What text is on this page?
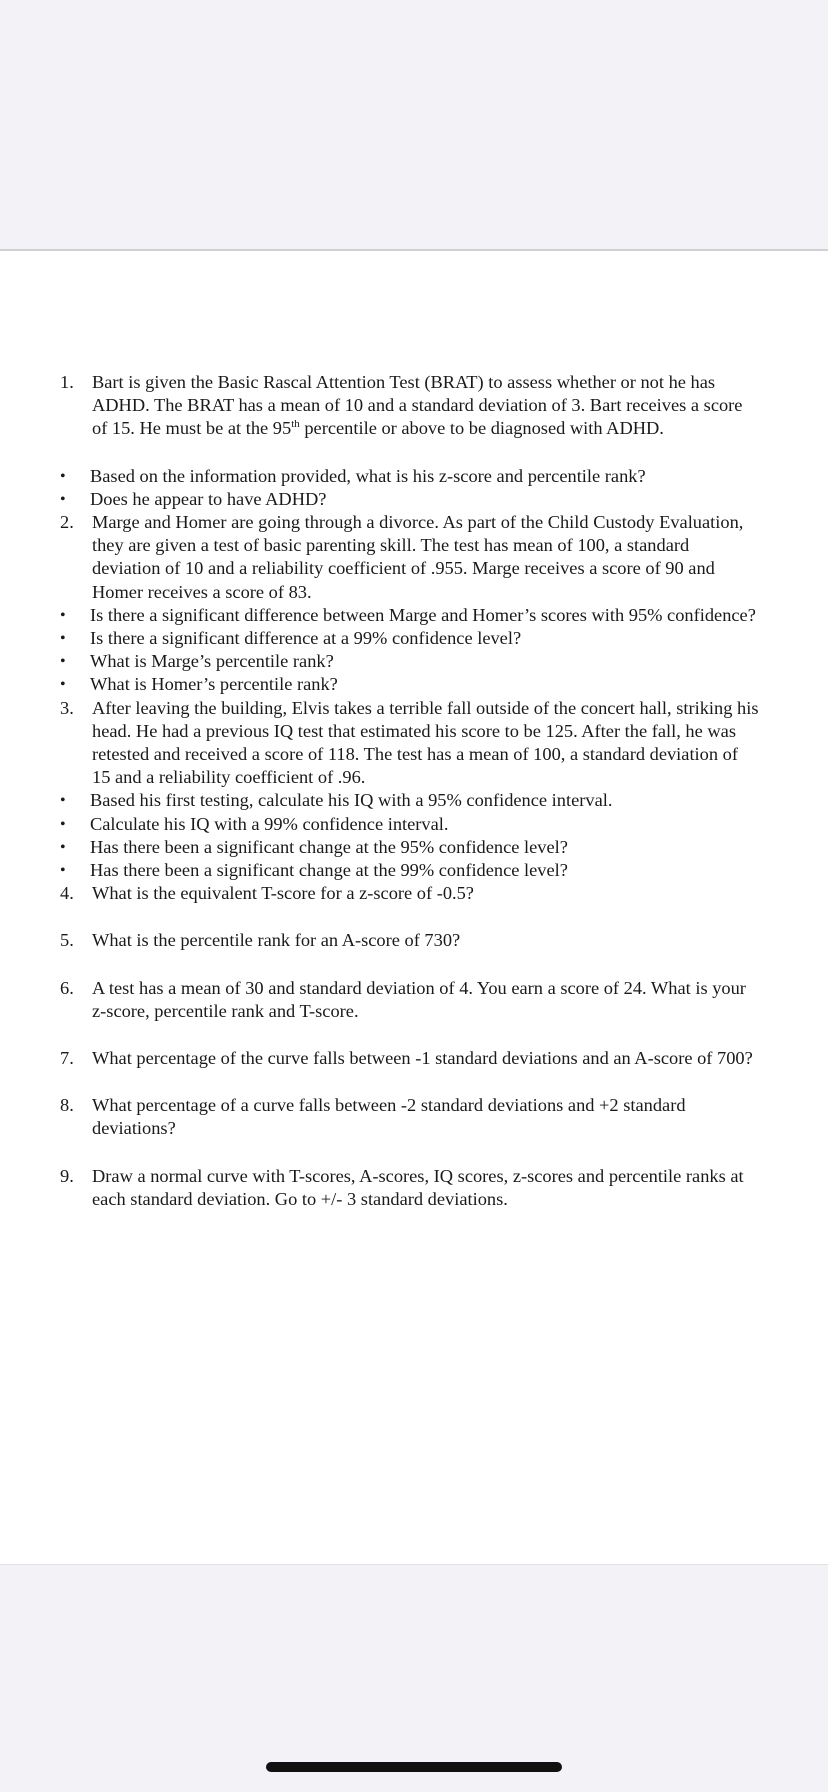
1. Bart is given the Basic Rascal Attention Test (BRAT) to assess whether or not he has ADHD. The BRAT has a mean of 10 and a standard deviation of 3. Bart receives a score of 15. He must be at the 95th percentile or above to be diagnosed with ADHD.
• Based on the information provided, what is his z-score and percentile rank?
• Does he appear to have ADHD?
2. Marge and Homer are going through a divorce. As part of the Child Custody Evaluation, they are given a test of basic parenting skill. The test has mean of 100, a standard deviation of 10 and a reliability coefficient of .955. Marge receives a score of 90 and Homer receives a score of 83.
• Is there a significant difference between Marge and Homer’s scores with 95% confidence?
• Is there a significant difference at a 99% confidence level?
• What is Marge’s percentile rank?
• What is Homer’s percentile rank?
3. After leaving the building, Elvis takes a terrible fall outside of the concert hall, striking his head. He had a previous IQ test that estimated his score to be 125. After the fall, he was retested and received a score of 118. The test has a mean of 100, a standard deviation of 15 and a reliability coefficient of .96.
• Based his first testing, calculate his IQ with a 95% confidence interval.
• Calculate his IQ with a 99% confidence interval.
• Has there been a significant change at the 95% confidence level?
• Has there been a significant change at the 99% confidence level?
4. What is the equivalent T-score for a z-score of -0.5?
5. What is the percentile rank for an A-score of 730?
6. A test has a mean of 30 and standard deviation of 4. You earn a score of 24. What is your z-score, percentile rank and T-score.
7. What percentage of the curve falls between -1 standard deviations and an A-score of 700?
8. What percentage of a curve falls between -2 standard deviations and +2 standard deviations?
9. Draw a normal curve with T-scores, A-scores, IQ scores, z-scores and percentile ranks at each standard deviation. Go to +/- 3 standard deviations.
